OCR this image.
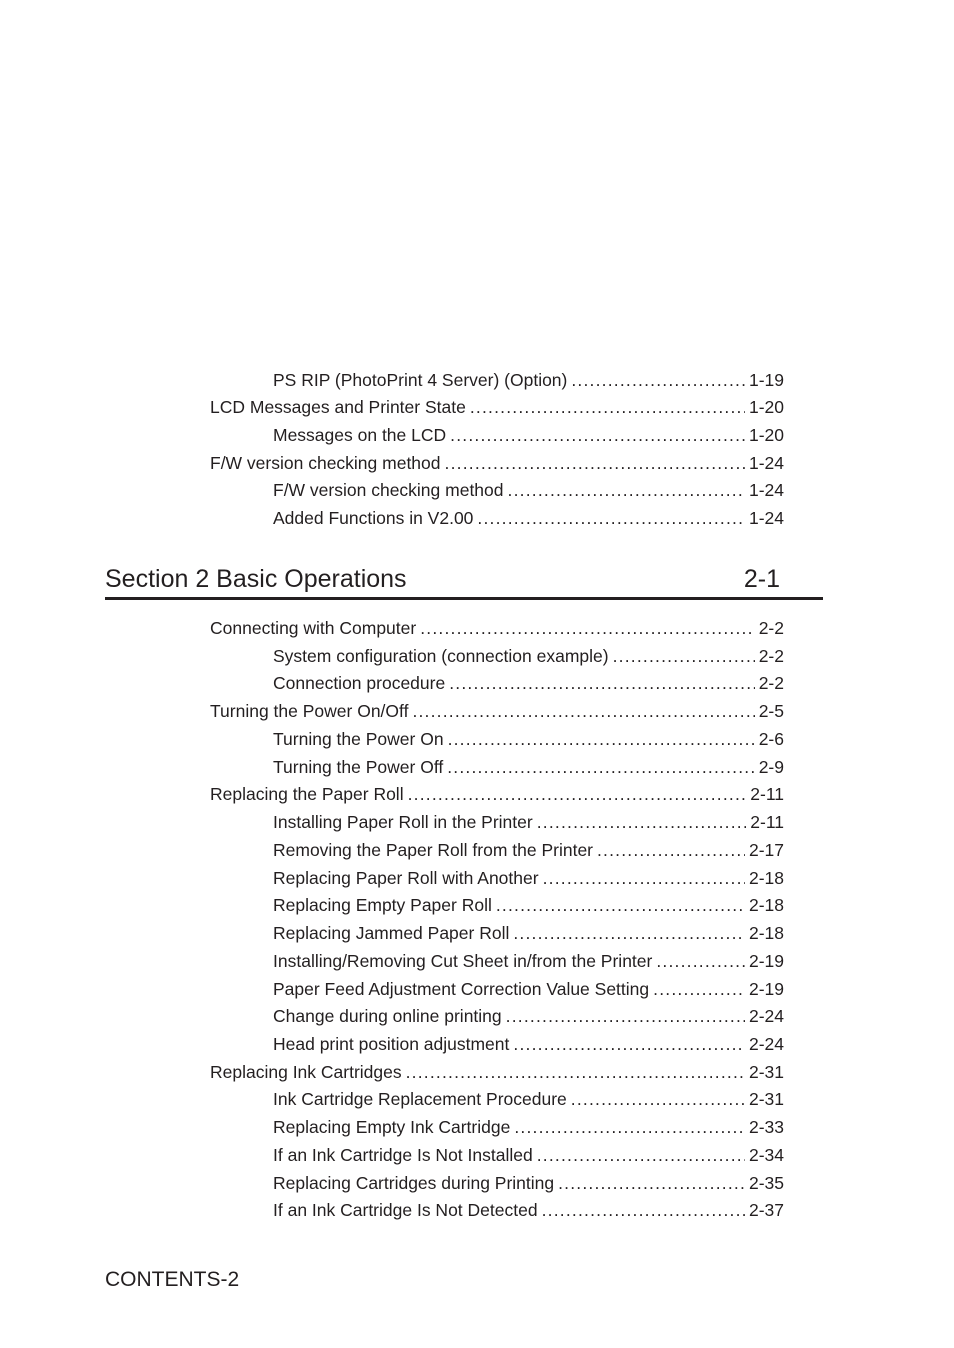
PS RIP (PhotoPrint 4 Server) (Option) .....	1-19
LCD Messages and Printer State .....	1-20
Messages on the LCD .....	1-20
F/W version checking method .....	1-24
F/W version checking method .....	1-24
Added Functions in V2.00 .....	1-24
Section 2 Basic Operations	2-1
Connecting with Computer .....	2-2
System configuration (connection example) .....	2-2
Connection procedure .....	2-2
Turning the Power On/Off .....	2-5
Turning the Power On .....	2-6
Turning the Power Off .....	2-9
Replacing the Paper Roll .....	2-11
Installing Paper Roll in the Printer .....	2-11
Removing the Paper Roll from the Printer .....	2-17
Replacing Paper Roll with Another .....	2-18
Replacing Empty Paper Roll .....	2-18
Replacing Jammed Paper Roll .....	2-18
Installing/Removing Cut Sheet in/from the Printer .....	2-19
Paper Feed Adjustment Correction Value Setting .....	2-19
Change during online printing .....	2-24
Head print position adjustment .....	2-24
Replacing Ink Cartridges .....	2-31
Ink Cartridge Replacement Procedure .....	2-31
Replacing Empty Ink Cartridge .....	2-33
If an Ink Cartridge Is Not Installed .....	2-34
Replacing Cartridges during Printing .....	2-35
If an Ink Cartridge Is Not Detected .....	2-37
CONTENTS-2
